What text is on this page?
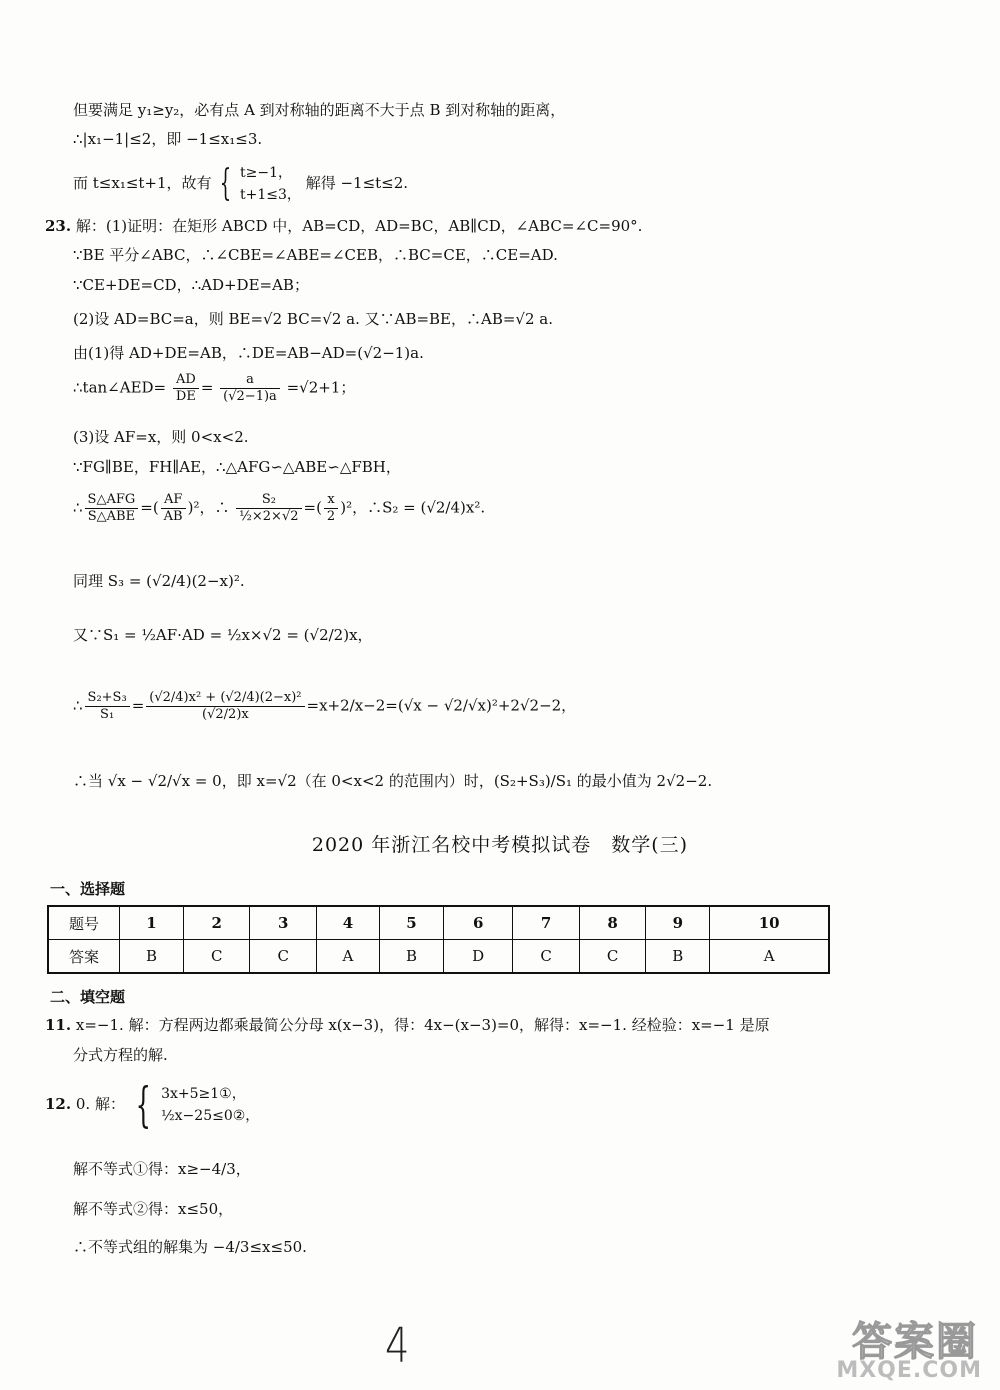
但要满足 y₁≥y₂，必有点 A 到对称轴的距离不大于点 B 到对称轴的距离，
∴|x₁−1|≤2，即 −1≤x₁≤3.
而 t≤x₁≤t+1，故有 { t≥−1，
t+1≤3，
解得 −1≤t≤2.
23. 解：(1)证明：在矩形 ABCD 中，AB=CD，AD=BC，AB∥CD，∠ABC=∠C=90°.
∵BE 平分∠ABC，∴∠CBE=∠ABE=∠CEB，∴BC=CE，∴CE=AD.
∵CE+DE=CD，∴AD+DE=AB；
(2)设 AD=BC=a，则 BE=√2 BC=√2 a. 又∵AB=BE，∴AB=√2 a.
由(1)得 AD+DE=AB，∴DE=AB−AD=(√2−1)a.
∴tan∠AED= $\frac{AD}{DE} = \frac{a}{(√2-1)a} =√2+1$；
(3)设 AF=x，则 0<x<2.
∵FG∥BE，FH∥AE，∴△AFG∽△ABE∽△FBH，
∴ $\frac{\text{S△AFG}}{\text{S△ABE}}$ =( $\frac{AF}{AB} )^2$，∴ $\frac{\text{S₂}}{\text{½×2×√2}}$ =( $\frac{x}{2} )^2$，∴S₂ = (√2/4)x².
同理 S₃ = (√2/4)(2−x)².
又∵S₁ = ½AF·AD = ½x×√2 = (√2/2)x，
∴ $\frac{\text{S₂+S₃}}{\text{S₁}} = \frac{\text{(√2/4)x² + (√2/4)(2−x)²}}{(√2/2)x} =x+2/x-2=(√x - √2/√x)^2+2√2-2$，
∴当 √x − √2/√x = 0，即 x=√2（在 0<x<2 的范围内）时，(S₂+S₃)/S₁ 的最小值为 2√2−2.
2020 年浙江名校中考模拟试卷　数学(三)
一、选择题
题号	1	2	3	4	5	6	7	8	9	10
答案	B	C	C	A	B	D	C	C	B	A
二、填空题
11. x=−1. 解：方程两边都乘最简公分母 x(x−3)，得：4x−(x−3)=0，解得：x=−1. 经检验：x=−1 是原
分式方程的解.
12. 0. 解： { 3x+5≥1①，
½x−25≤0②，
解不等式①得：x≥−4/3，
解不等式②得：x≤50，
∴不等式组的解集为 −4/3≤x≤50.
4	答案圈
MXQE.COM
